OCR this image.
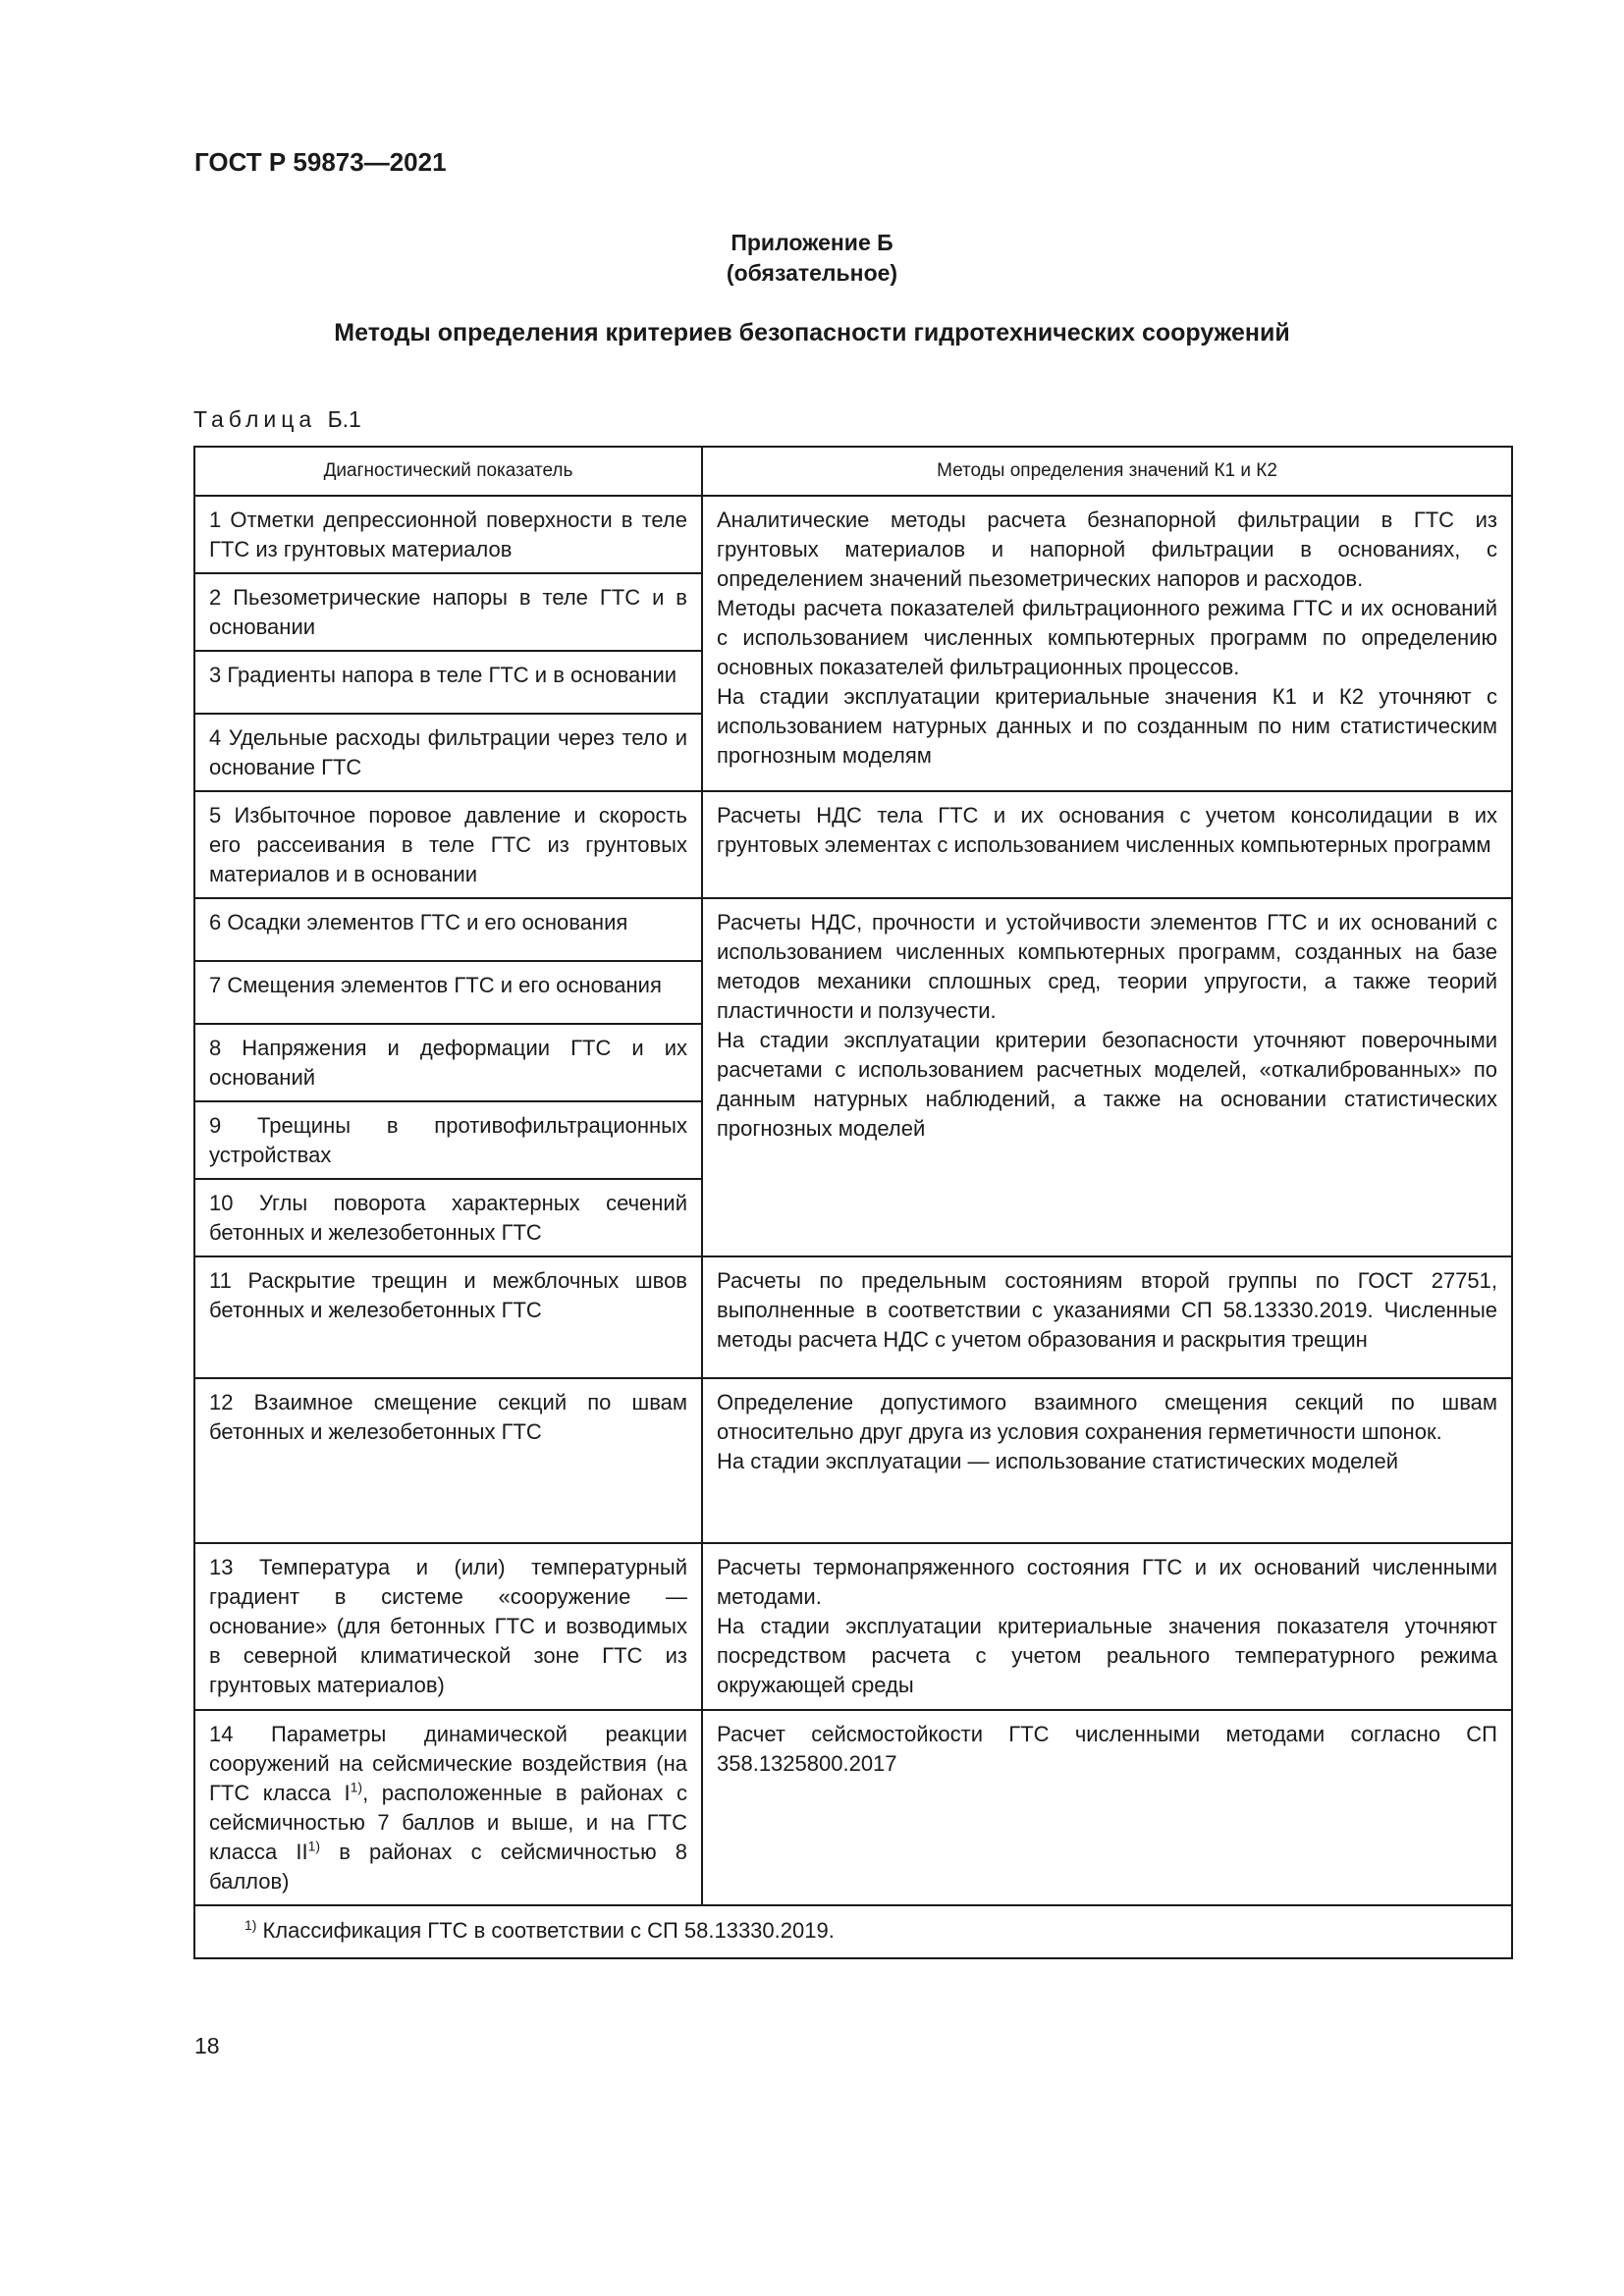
ГОСТ Р 59873—2021
Приложение Б
(обязательное)
Методы определения критериев безопасности гидротехнических сооружений
Таблица Б.1
Диагностический показатель	Методы определения значений К1 и К2

1 Отметки депрессионной поверхности в теле ГТС из грунтовых материалов	Аналитические методы расчета безнапорной фильтрации в ГТС из грунтовых материалов и напорной фильтрации в основаниях, с определением значений пьезометрических напоров и расходов.
Методы расчета показателей фильтрационного режима ГТС и их оснований с использованием численных компьютерных программ по определению основных показателей фильтрационных процессов.
На стадии эксплуатации критериальные значения К1 и К2 уточняют с использованием натурных данных и по созданным по ним статистическим прогнозным моделям

2 Пьезометрические напоры в теле ГТС и в основании	

3 Градиенты напора в теле ГТС и в основании	

4 Удельные расходы фильтрации через тело и основание ГТС	

5 Избыточное поровое давление и скорость его рассеивания в теле ГТС из грунтовых материалов и в основании	Расчеты НДС тела ГТС и их основания с учетом консолидации в их грунтовых элементах с использованием численных компьютерных программ

6 Осадки элементов ГТС и его основания	Расчеты НДС, прочности и устойчивости элементов ГТС и их оснований с использованием численных компьютерных программ, созданных на базе методов механики сплошных сред, теории упругости, а также теорий пластичности и ползучести.
На стадии эксплуатации критерии безопасности уточняют поверочными расчетами с использованием расчетных моделей, «откалиброванных» по данным натурных наблюдений, а также на основании статистических прогнозных моделей

7 Смещения элементов ГТС и его основания	

8 Напряжения и деформации ГТС и их оснований	

9 Трещины в противофильтрационных устройствах	

10 Углы поворота характерных сечений бетонных и железобетонных ГТС	

11 Раскрытие трещин и межблочных швов бетонных и железобетонных ГТС	Расчеты по предельным состояниям второй группы по ГОСТ 27751, выполненные в соответствии с указаниями СП 58.13330.2019. Численные методы расчета НДС с учетом образования и раскрытия трещин

12 Взаимное смещение секций по швам бетонных и железобетонных ГТС	Определение допустимого взаимного смещения секций по швам относительно друг друга из условия сохранения герметичности шпонок.
На стадии эксплуатации — использование статистических моделей

13 Температура и (или) температурный градиент в системе «сооружение — основание» (для бетонных ГТС и возводимых в северной климатической зоне ГТС из грунтовых материалов)	Расчеты термонапряженного состояния ГТС и их оснований численными методами.
На стадии эксплуатации критериальные значения показателя уточняют посредством расчета с учетом реального температурного режима окружающей среды

14 Параметры динамической реакции сооружений на сейсмические воздействия (на ГТС класса $I^{1)}$, расположенные в районах с сейсмичностью 7 баллов и выше, и на ГТС класса II$^{1)}$ в районах с сейсмичностью 8 баллов)	Расчет сейсмостойкости ГТС численными методами согласно СП 358.1325800.2017

$^{1)}$ Классификация ГТС в соответствии с СП 58.13330.2019.	
18
